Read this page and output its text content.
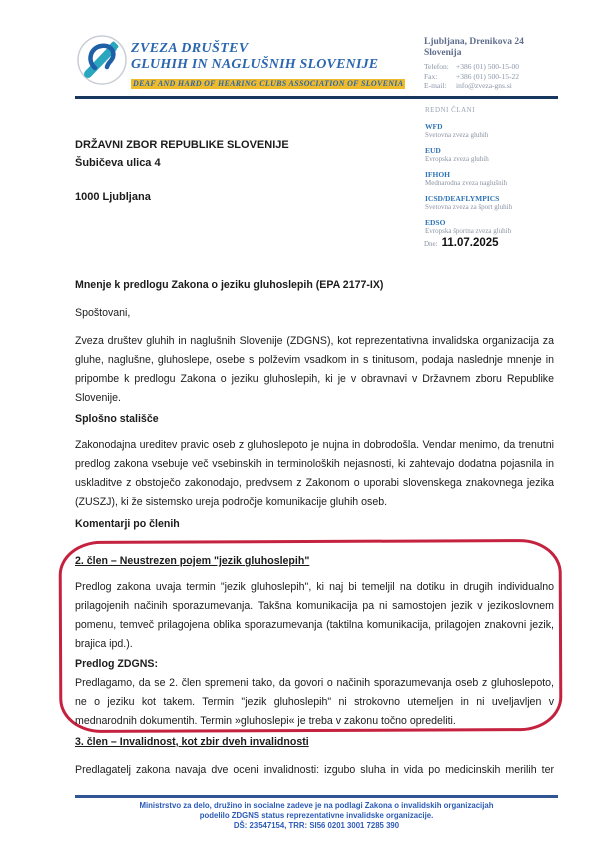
ZVEZA DRUŠTEV
GLUHIH IN NAGLUŠNIH SLOVENIJE
DEAF AND HARD OF HEARING CLUBS ASSOCIATION OF SLOVENIA
Ljubljana, Drenikova 24
Slovenija
Telefon: +386 (01) 500-15-00
Fax: +386 (01) 500-15-22
E-mail: info@zveza-gns.si
REDNI ČLANI
WFD
Svetovna zveza gluhih
EUD
Evropska zveza gluhih
IFHOH
Mednarodna zveza naglušnih
ICSD/DEAFLYMPICS
Svetovna zveza za šport gluhih
EDSO
Evropska športna zveza gluhih
Dne: 11.07.2025
DRŽAVNI ZBOR REPUBLIKE SLOVENIJE
Šubičeva ulica 4
1000 Ljubljana
Mnenje k predlogu Zakona o jeziku gluhoslepih (EPA 2177-IX)
Spoštovani,
Zveza društev gluhih in naglušnih Slovenije (ZDGNS), kot reprezentativna invalidska organizacija za gluhe, naglušne, gluhoslepe, osebe s polževim vsadkom in s tinitusom, podaja naslednje mnenje in pripombe k predlogu Zakona o jeziku gluhoslepih, ki je v obravnavi v Državnem zboru Republike Slovenije.
Splošno stališče
Zakonodajna ureditev pravic oseb z gluhoslepoto je nujna in dobrodošla. Vendar menimo, da trenutni predlog zakona vsebuje več vsebinskih in terminoloških nejasnosti, ki zahtevajo dodatna pojasnila in uskladitve z obstoječo zakonodajo, predvsem z Zakonom o uporabi slovenskega znakovnega jezika (ZUSZJ), ki že sistemsko ureja področje komunikacije gluhih oseb.
Komentarji po členih
2. člen – Neustrezen pojem "jezik gluhoslepih"
Predlog zakona uvaja termin "jezik gluhoslepih", ki naj bi temeljil na dotiku in drugih individualno prilagojenih načinih sporazumevanja. Takšna komunikacija pa ni samostojen jezik v jezikoslovnem pomenu, temveč prilagojena oblika sporazumevanja (taktilna komunikacija, prilagojen znakovni jezik, brajica ipd.).
Predlog ZDGNS:
Predlagamo, da se 2. člen spremeni tako, da govori o načinih sporazumevanja oseb z gluhoslepoto, ne o jeziku kot takem. Termin "jezik gluhoslepih" ni strokovno utemeljen in ni uveljavljen v mednarodnih dokumentih. Termin »gluhoslepi« je treba v zakonu točno opredeliti.
3. člen – Invalidnost, kot zbir dveh invalidnosti
Predlagatelj zakona navaja dve oceni invalidnosti: izgubo sluha in vida po medicinskih merilih ter
Ministrstvo za delo, družino in socialne zadeve je na podlagi Zakona o invalidskih organizacijah
podelilo ZDGNS status reprezentativne invalidske organizacije.
DŠ: 23547154, TRR: SI56 0201 3001 7285 390
